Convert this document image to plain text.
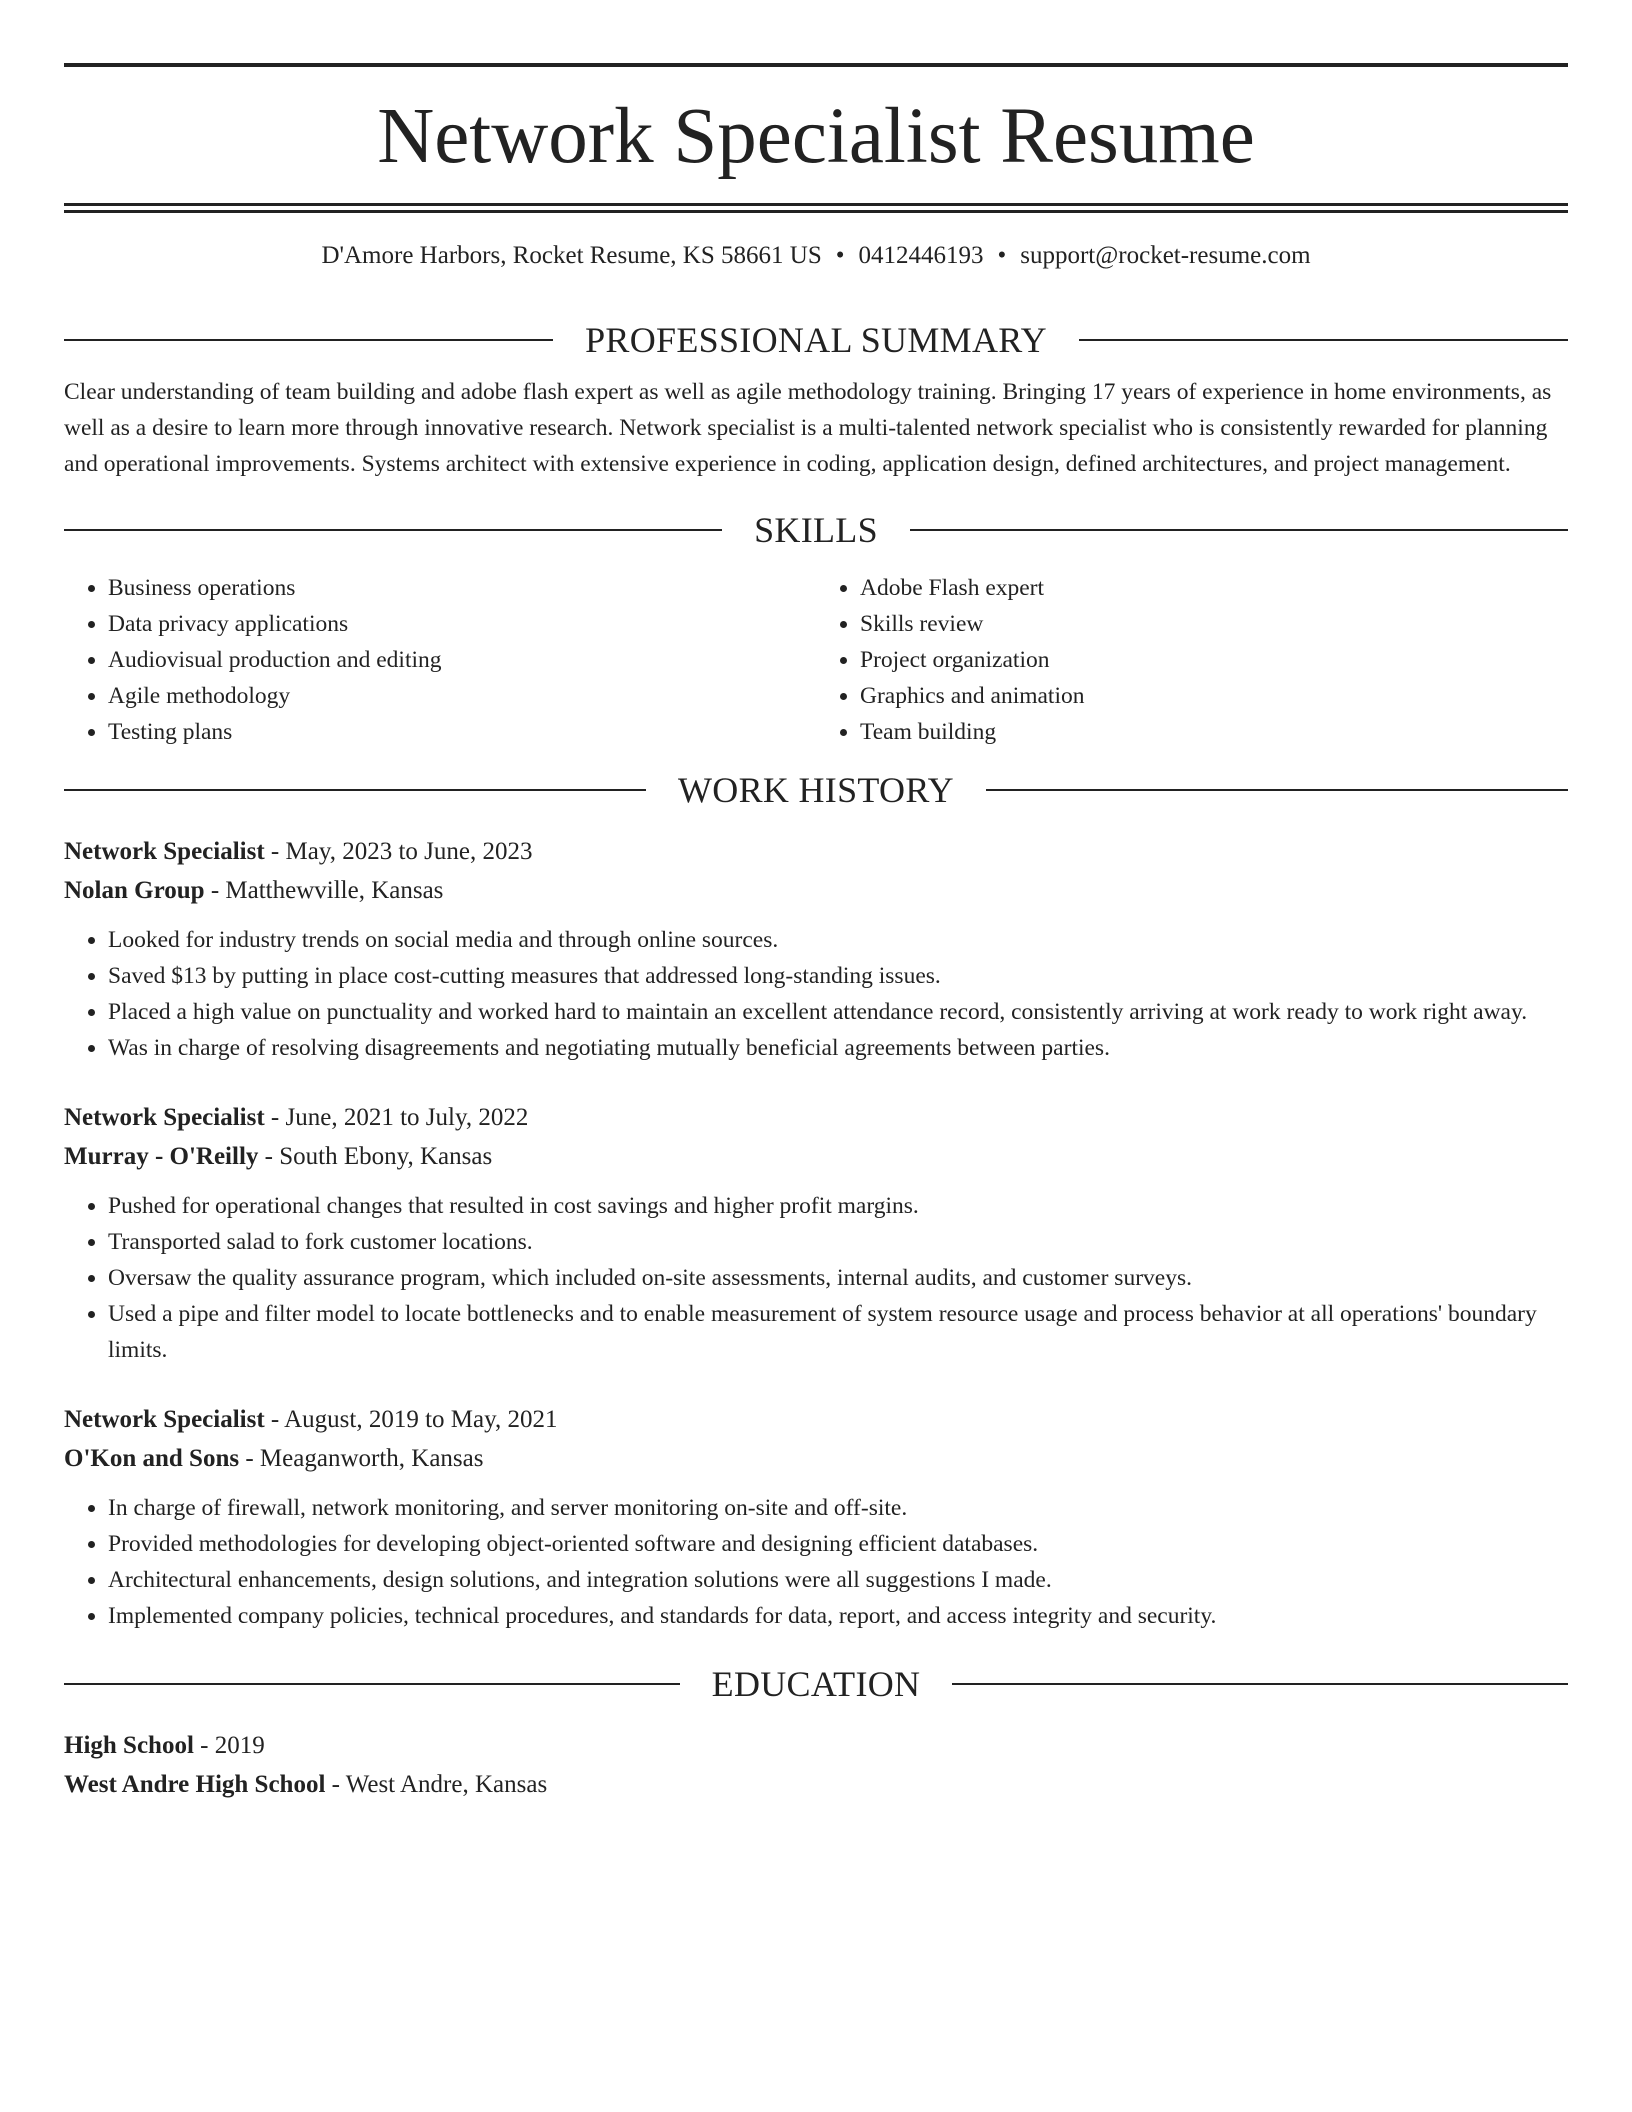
Network Specialist Resume
D'Amore Harbors, Rocket Resume, KS 58661 US • 0412446193 • support@rocket-resume.com
PROFESSIONAL SUMMARY

Clear understanding of team building and adobe flash expert as well as agile methodology training. Bringing 17 years of experience in home environments, as well as a desire to learn more through innovative research. Network specialist is a multi-talented network specialist who is consistently rewarded for planning and operational improvements. Systems architect with extensive experience in coding, application design, defined architectures, and project management.

SKILLS
• Business operations
• Data privacy applications
• Audiovisual production and editing
• Agile methodology
• Testing plans
• Adobe Flash expert
• Skills review
• Project organization
• Graphics and animation
• Team building
WORK HISTORY
Network Specialist - May, 2023 to June, 2023
Nolan Group - Matthewville, Kansas
• Looked for industry trends on social media and through online sources.
• Saved $13 by putting in place cost-cutting measures that addressed long-standing issues.
• Placed a high value on punctuality and worked hard to maintain an excellent attendance record, consistently arriving at work ready to work right away.
• Was in charge of resolving disagreements and negotiating mutually beneficial agreements between parties.
Network Specialist - June, 2021 to July, 2022
Murray - O'Reilly - South Ebony, Kansas
• Pushed for operational changes that resulted in cost savings and higher profit margins.
• Transported salad to fork customer locations.
• Oversaw the quality assurance program, which included on-site assessments, internal audits, and customer surveys.
• Used a pipe and filter model to locate bottlenecks and to enable measurement of system resource usage and process behavior at all operations' boundary limits.
Network Specialist - August, 2019 to May, 2021
O'Kon and Sons - Meaganworth, Kansas
• In charge of firewall, network monitoring, and server monitoring on-site and off-site.
• Provided methodologies for developing object-oriented software and designing efficient databases.
• Architectural enhancements, design solutions, and integration solutions were all suggestions I made.
• Implemented company policies, technical procedures, and standards for data, report, and access integrity and security.
EDUCATION
High School - 2019
West Andre High School - West Andre, Kansas
